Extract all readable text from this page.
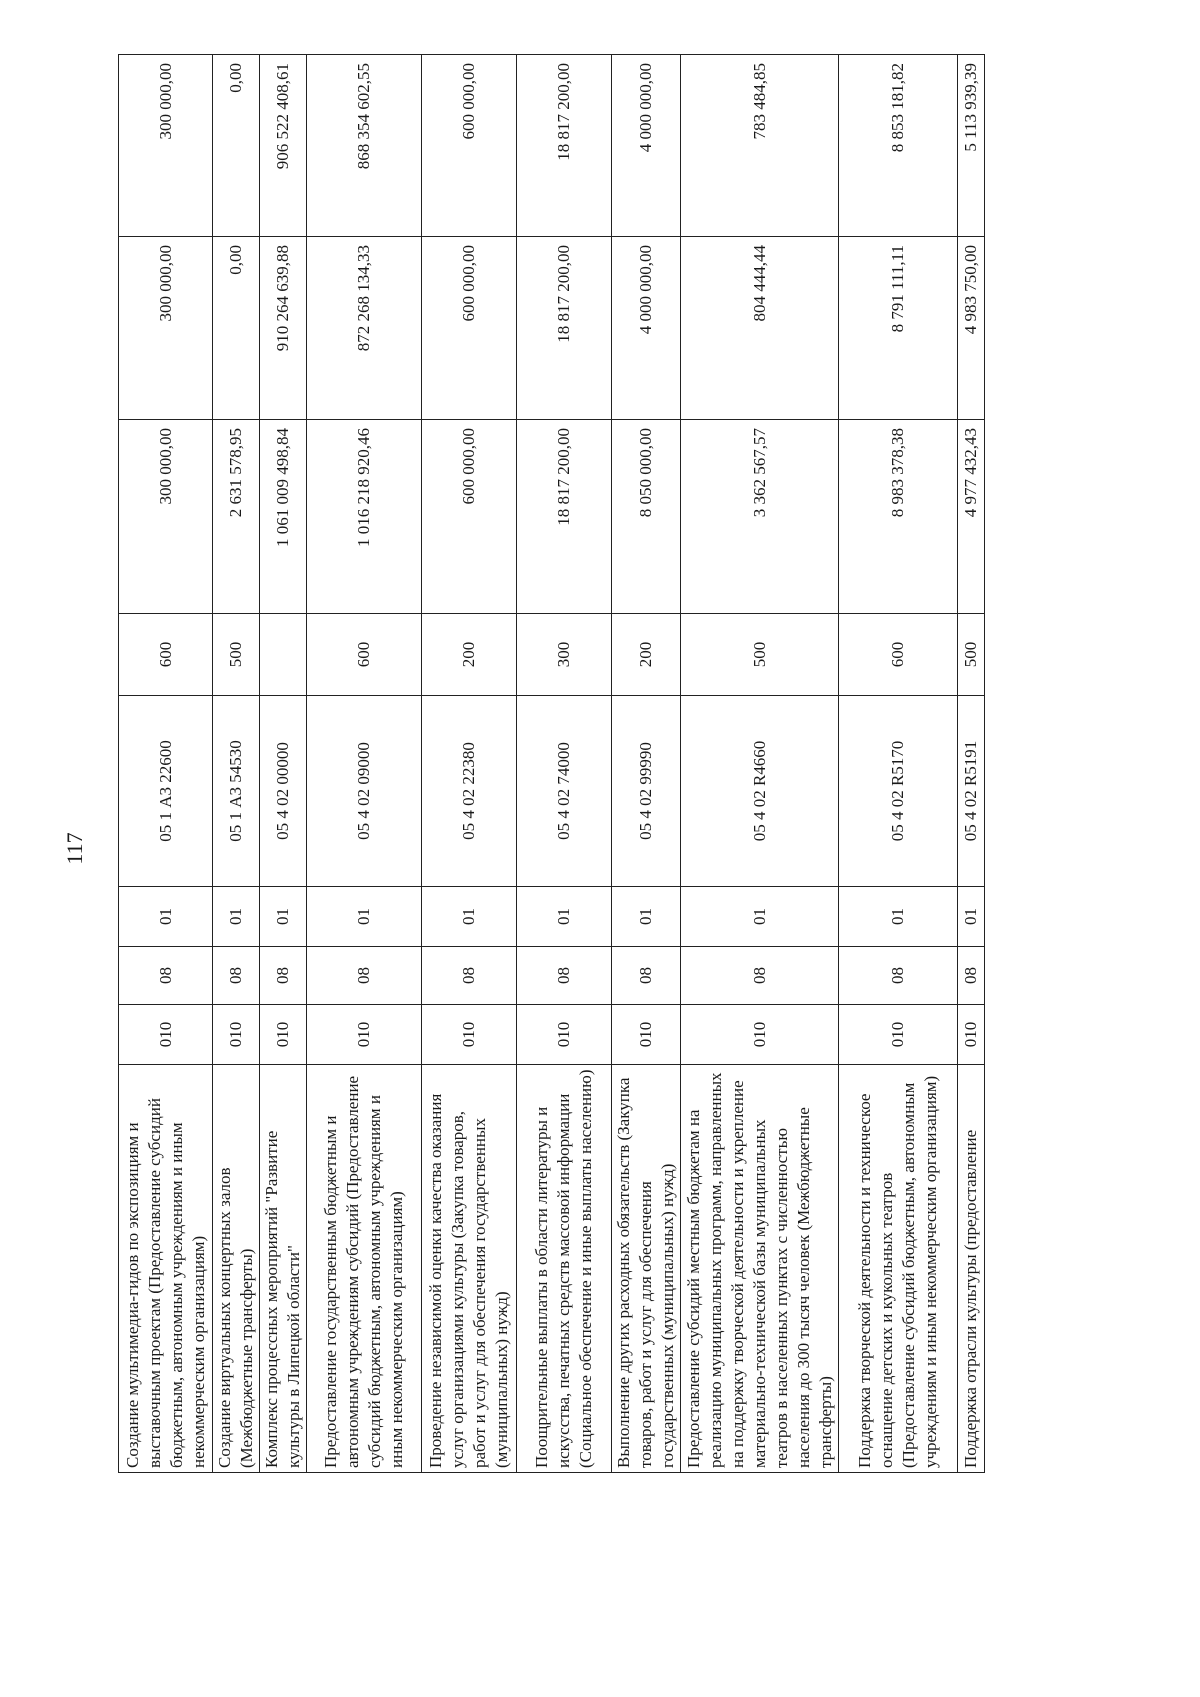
117
Создание мультимедиа-гидов по экспозициям и выставочным проектам (Предоставление субсидий бюджетным, автономным учреждениям и иным некоммерческим организациям)	010	08	01	05 1 А3 22600	600	300 000,00	300 000,00	300 000,00
Создание виртуальных концертных залов (Межбюджетные трансферты)	010	08	01	05 1 А3 54530	500	2 631 578,95	0,00	0,00
Комплекс процессных мероприятий "Развитие культуры в Липецкой области"	010	08	01	05 4 02 00000		1 061 009 498,84	910 264 639,88	906 522 408,61
Предоставление государственным бюджетным и автономным учреждениям субсидий (Предоставление субсидий бюджетным, автономным учреждениям и иным некоммерческим организациям)	010	08	01	05 4 02 09000	600	1 016 218 920,46	872 268 134,33	868 354 602,55
Проведение независимой оценки качества оказания услуг организациями культуры (Закупка товаров, работ и услуг для обеспечения государственных (муниципальных) нужд)	010	08	01	05 4 02 22380	200	600 000,00	600 000,00	600 000,00
Поощрительные выплаты в области литературы и искусства, печатных средств массовой информации (Социальное обеспечение и иные выплаты населению)	010	08	01	05 4 02 74000	300	18 817 200,00	18 817 200,00	18 817 200,00
Выполнение других расходных обязательств (Закупка товаров, работ и услуг для обеспечения государственных (муниципальных) нужд)	010	08	01	05 4 02 99990	200	8 050 000,00	4 000 000,00	4 000 000,00
Предоставление субсидий местным бюджетам на реализацию муниципальных программ, направленных на поддержку творческой деятельности и укрепление материально-технической базы муниципальных театров в населенных пунктах с численностью населения до 300 тысяч человек (Межбюджетные трансферты)	010	08	01	05 4 02 R4660	500	3 362 567,57	804 444,44	783 484,85
Поддержка творческой деятельности и техническое оснащение детских и кукольных театров (Предоставление субсидий бюджетным, автономным учреждениям и иным некоммерческим организациям)	010	08	01	05 4 02 R5170	600	8 983 378,38	8 791 111,11	8 853 181,82
Поддержка отрасли культуры (предоставление	010	08	01	05 4 02 R5191	500	4 977 432,43	4 983 750,00	5 113 939,39
